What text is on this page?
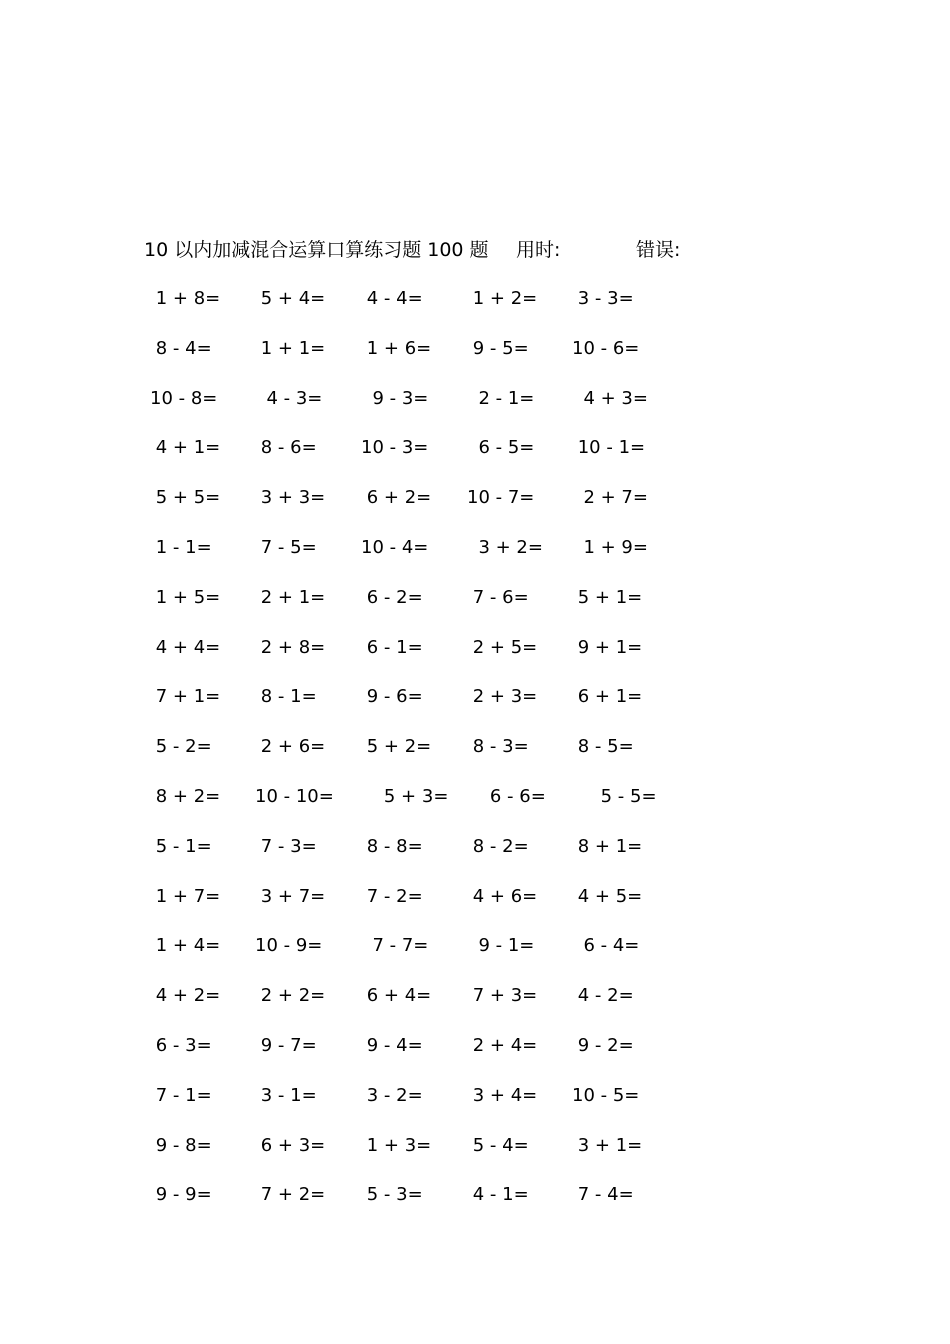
10 以内加减混合运算口算练习题 100 题 用时:	错误:
1 + 8= 5 + 4= 4 - 4= 1 + 2= 3 - 3=
8 - 4= 1 + 1= 1 + 6= 9 - 5= 10 - 6=
10 - 8= 4 - 3= 9 - 3= 2 - 1= 4 + 3=
4 + 1= 8 - 6= 10 - 3= 6 - 5= 10 - 1=
5 + 5= 3 + 3= 6 + 2= 10 - 7= 2 + 7=
1 - 1= 7 - 5= 10 - 4= 3 + 2= 1 + 9=
1 + 5= 2 + 1= 6 - 2= 7 - 6= 5 + 1=
4 + 4= 2 + 8= 6 - 1= 2 + 5= 9 + 1=
7 + 1= 8 - 1= 9 - 6= 2 + 3= 6 + 1=
5 - 2= 2 + 6= 5 + 2= 8 - 3= 8 - 5=
8 + 2= 10 - 10= 5 + 3= 6 - 6= 5 - 5=
5 - 1= 7 - 3= 8 - 8= 8 - 2= 8 + 1=
1 + 7= 3 + 7= 7 - 2= 4 + 6= 4 + 5=
1 + 4= 10 - 9= 7 - 7= 9 - 1= 6 - 4=
4 + 2= 2 + 2= 6 + 4= 7 + 3= 4 - 2=
6 - 3= 9 - 7= 9 - 4= 2 + 4= 9 - 2=
7 - 1= 3 - 1= 3 - 2= 3 + 4= 10 - 5=
9 - 8= 6 + 3= 1 + 3= 5 - 4= 3 + 1=
9 - 9= 7 + 2= 5 - 3= 4 - 1= 7 - 4=
